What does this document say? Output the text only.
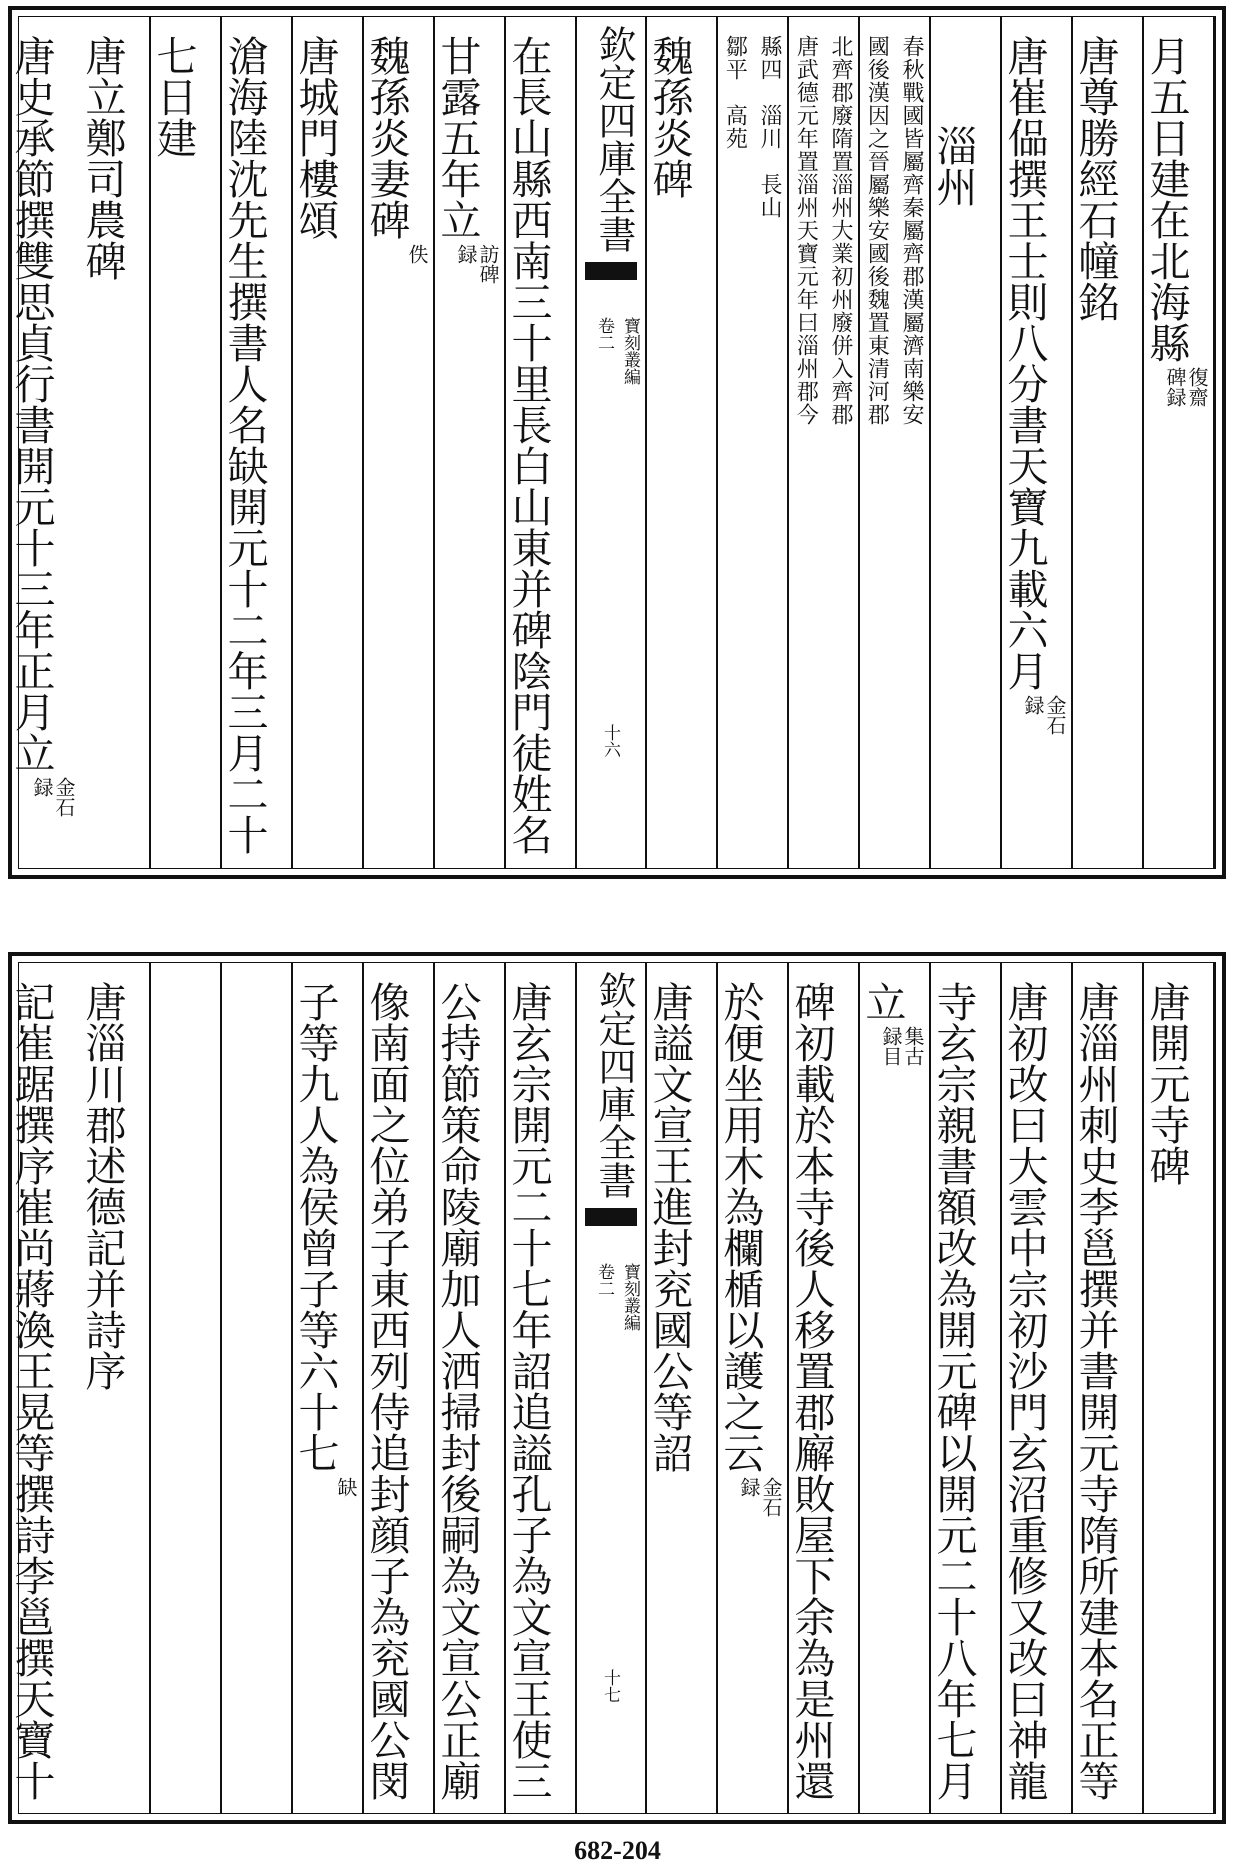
月五日建在北海縣
復齋
碑録
唐尊勝經石幢銘
唐崔偘撰王士則八分書天寶九載六月
金石
録
淄州
春秋戰國皆屬齊秦屬齊郡漢屬濟南樂安
國後漢因之晉屬樂安國後魏置東清河郡
北齊郡廢隋置淄州大業初州廢併入齊郡
唐武德元年置淄州天寶元年曰淄州郡今
縣四　淄川　長山
鄒平　高苑
魏孫炎碑
欽定四庫全書
寶刻叢編
卷二
十六
在長山縣西南三十里長白山東并碑陰門徒姓名
甘露五年立
訪碑
録
魏孫炎妻碑
佚
唐城門樓頌
滄海陸沈先生撰書人名缺開元十二年三月二十
七日建
唐立鄭司農碑
唐史承節撰雙思貞行書開元十三年正月立
金石
録
唐開元寺碑
唐淄州刺史李邕撰并書開元寺隋所建本名正等
唐初改曰大雲中宗初沙門玄沼重修又改曰神龍
寺玄宗親書額改為開元碑以開元二十八年七月
立
集古
録目
碑初載於本寺後人移置郡廨敗屋下余為是州還
於便坐用木為欄楯以護之云
金石
録
唐謚文宣王進封兖國公等詔
欽定四庫全書
寶刻叢編
卷二
十七
唐玄宗開元二十七年詔追謚孔子為文宣王使三
公持節策命陵廟加人洒掃封後嗣為文宣公正廟
像南面之位弟子東西列侍追封顔子為兖國公閔
子等九人為侯曾子等六十七
缺
唐淄川郡述德記并詩序
記崔踞撰序崔尚蔣渙王晃等撰詩李邕撰天寶十
682-204
